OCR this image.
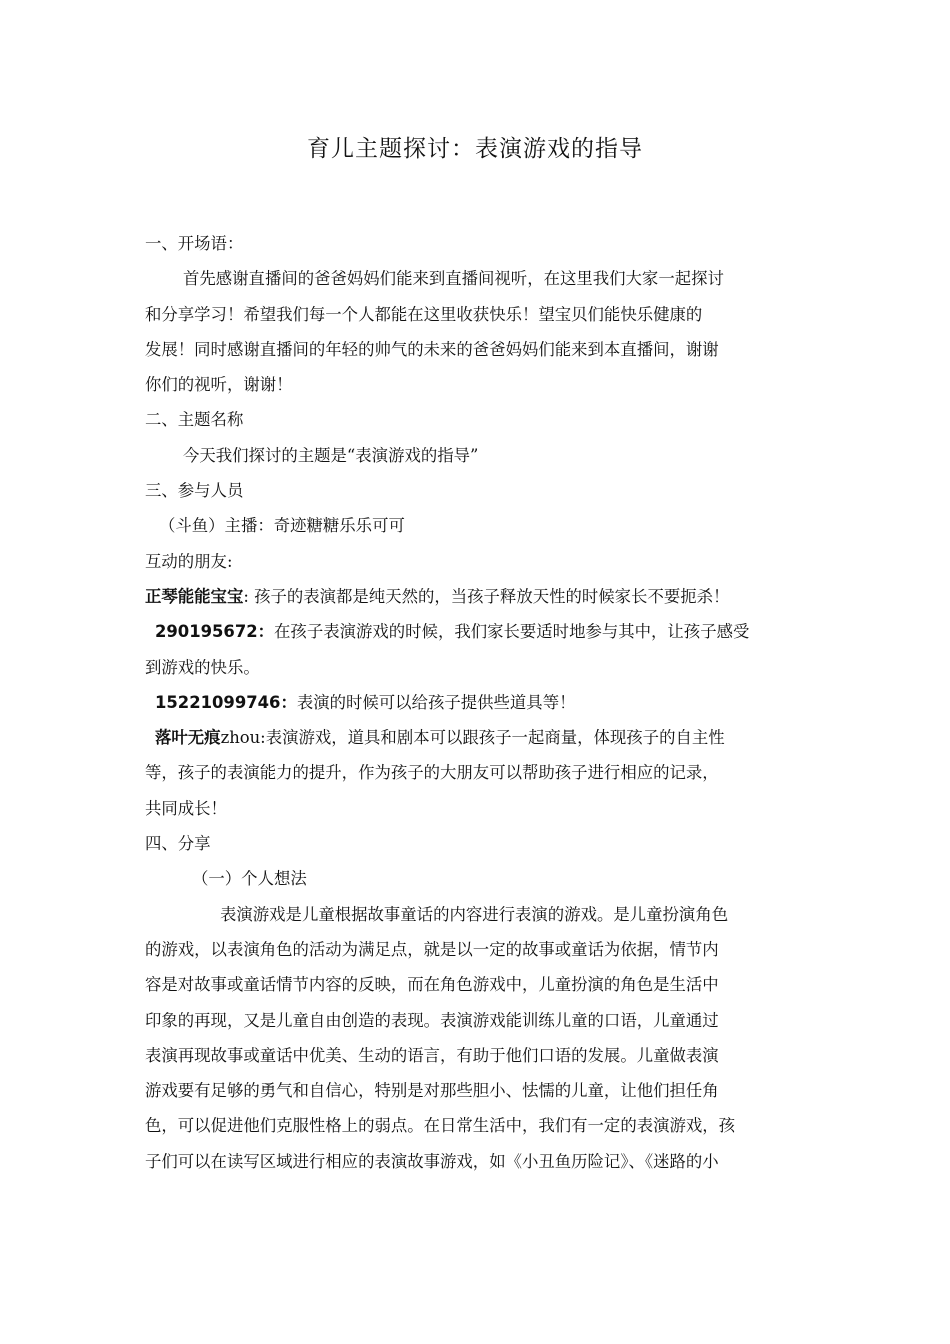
育儿主题探讨：表演游戏的指导
一、开场语：
首先感谢直播间的爸爸妈妈们能来到直播间视听，在这里我们大家一起探讨
和分享学习！希望我们每一个人都能在这里收获快乐！望宝贝们能快乐健康的
发展！同时感谢直播间的年轻的帅气的未来的爸爸妈妈们能来到本直播间，谢谢
你们的视听，谢谢！
二、主题名称
今天我们探讨的主题是“表演游戏的指导”
三、参与人员
（斗鱼）主播：奇迹糖糖乐乐可可
互动的朋友:
正琴能能宝宝: 孩子的表演都是纯天然的，当孩子释放天性的时候家长不要扼杀！
290195672：在孩子表演游戏的时候，我们家长要适时地参与其中，让孩子感受
到游戏的快乐。
15221099746：表演的时候可以给孩子提供些道具等！
落叶无痕zhou:表演游戏，道具和剧本可以跟孩子一起商量，体现孩子的自主性
等，孩子的表演能力的提升，作为孩子的大朋友可以帮助孩子进行相应的记录，
共同成长！
四、分享
（一）个人想法
表演游戏是儿童根据故事童话的内容进行表演的游戏。是儿童扮演角色
的游戏，以表演角色的活动为满足点，就是以一定的故事或童话为依据，情节内
容是对故事或童话情节内容的反映，而在角色游戏中，儿童扮演的角色是生活中
印象的再现，又是儿童自由创造的表现。表演游戏能训练儿童的口语，儿童通过
表演再现故事或童话中优美、生动的语言，有助于他们口语的发展。儿童做表演
游戏要有足够的勇气和自信心，特别是对那些胆小、怯懦的儿童，让他们担任角
色，可以促进他们克服性格上的弱点。在日常生活中，我们有一定的表演游戏，孩
子们可以在读写区域进行相应的表演故事游戏，如《小丑鱼历险记》、《迷路的小
